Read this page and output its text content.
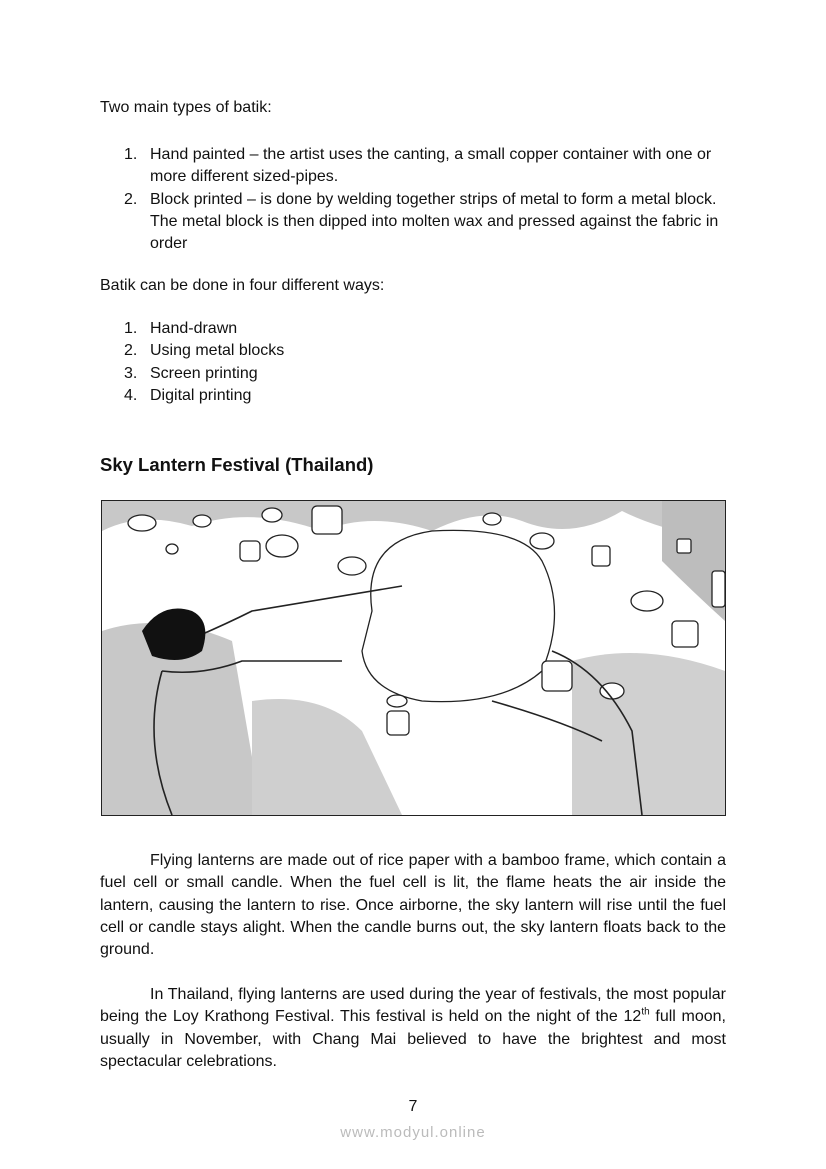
Two main types of batik:
1. Hand painted – the artist uses the canting, a small copper container with one or more different sized-pipes.
2. Block printed – is done by welding together strips of metal to form a metal block. The metal block is then dipped into molten wax and pressed against the fabric in order
Batik can be done in four different ways:
1. Hand-drawn
2. Using metal blocks
3. Screen printing
4. Digital printing
Sky Lantern Festival (Thailand)
Flying lanterns are made out of rice paper with a bamboo frame, which contain a fuel cell or small candle. When the fuel cell is lit, the flame heats the air inside the lantern, causing the lantern to rise. Once airborne, the sky lantern will rise until the fuel cell or candle stays alight. When the candle burns out, the sky lantern floats back to the ground.
In Thailand, flying lanterns are used during the year of festivals, the most popular being the Loy Krathong Festival. This festival is held on the night of the 12th full moon, usually in November, with Chang Mai believed to have the brightest and most spectacular celebrations.
7
www.modyul.online
